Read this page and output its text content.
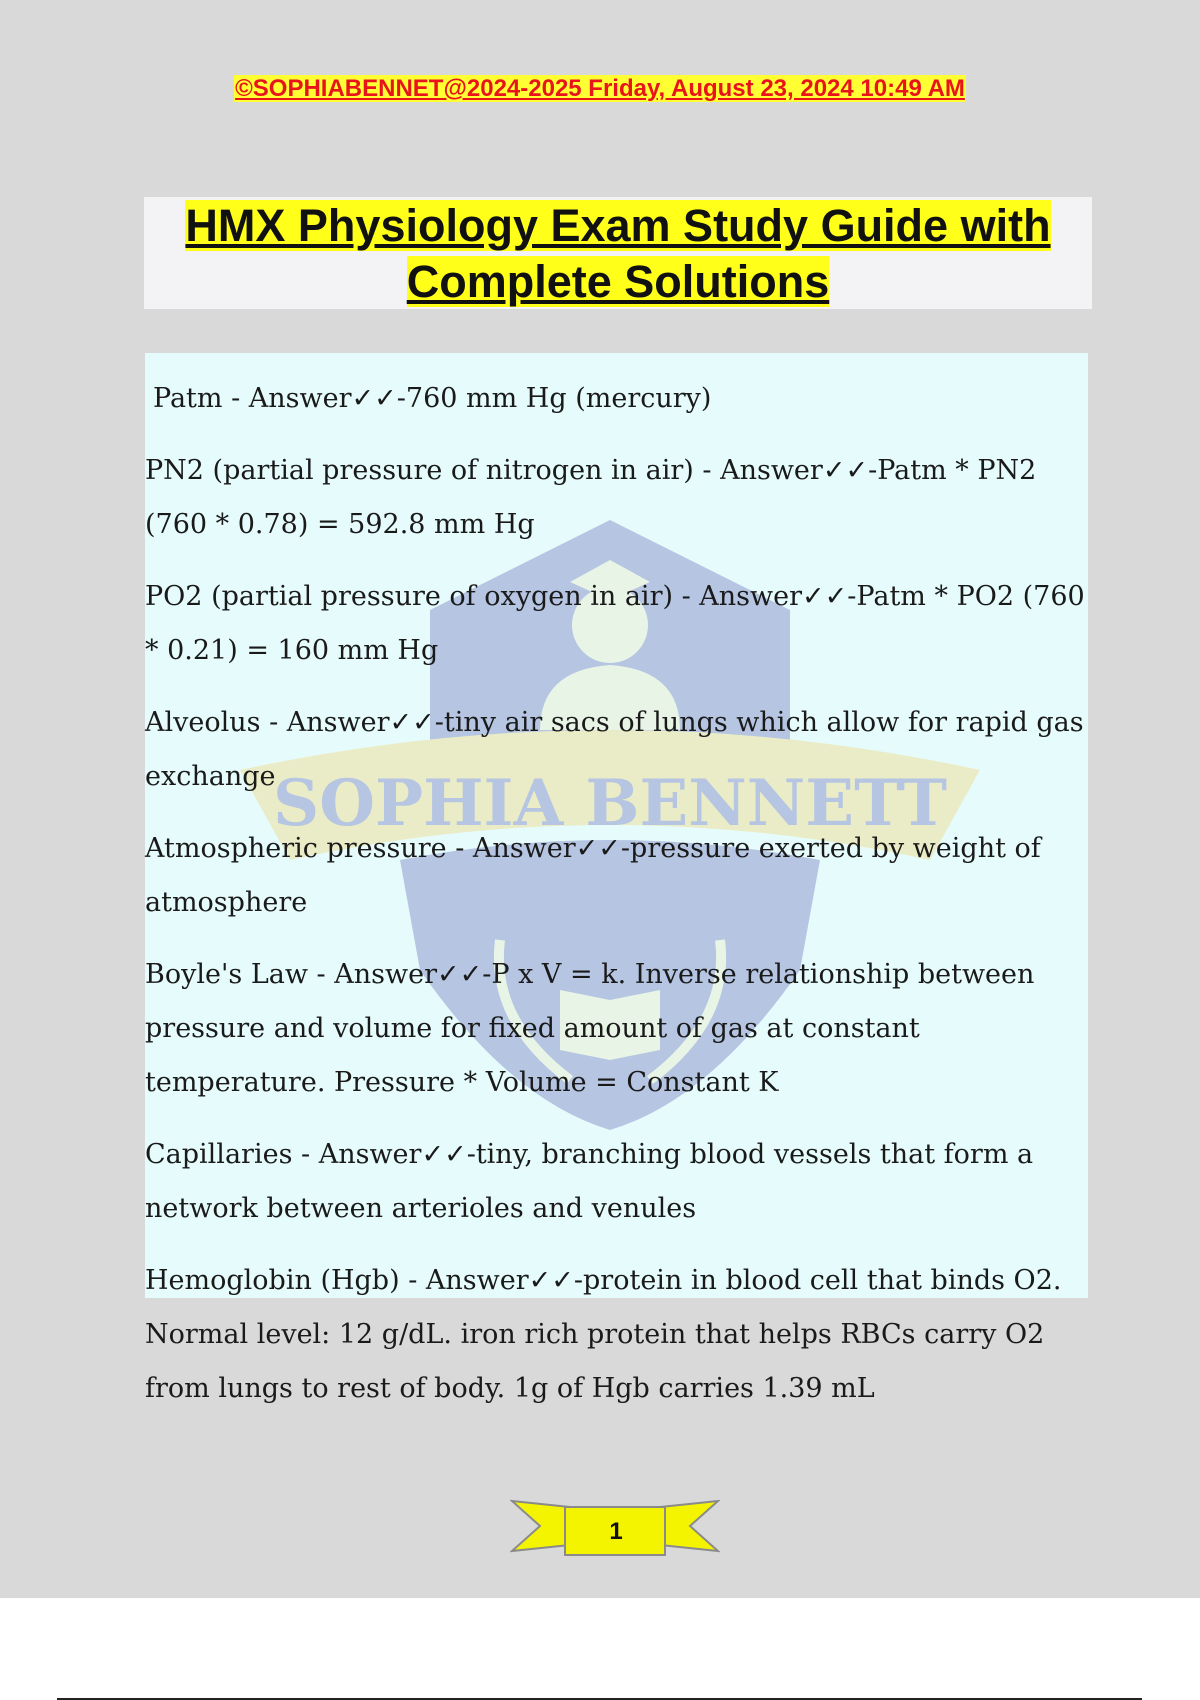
©SOPHIABENNET@2024-2025 Friday, August 23, 2024 10:49 AM
HMX Physiology Exam Study Guide with
Complete Solutions
SOPHIA BENNETT
Patm - Answer✓✓-760 mm Hg (mercury)
PN2 (partial pressure of nitrogen in air) - Answer✓✓-Patm * PN2 (760 * 0.78) = 592.8 mm Hg
PO2 (partial pressure of oxygen in air) - Answer✓✓-Patm * PO2 (760 * 0.21) = 160 mm Hg
Alveolus - Answer✓✓-tiny air sacs of lungs which allow for rapid gas exchange
Atmospheric pressure - Answer✓✓-pressure exerted by weight of atmosphere
Boyle's Law - Answer✓✓-P x V = k. Inverse relationship between pressure and volume for fixed amount of gas at constant temperature. Pressure * Volume = Constant K
Capillaries - Answer✓✓-tiny, branching blood vessels that form a network between arterioles and venules
Hemoglobin (Hgb) - Answer✓✓-protein in blood cell that binds O2. Normal level: 12 g/dL. iron rich protein that helps RBCs carry O2 from lungs to rest of body. 1g of Hgb carries 1.39 mL
1
